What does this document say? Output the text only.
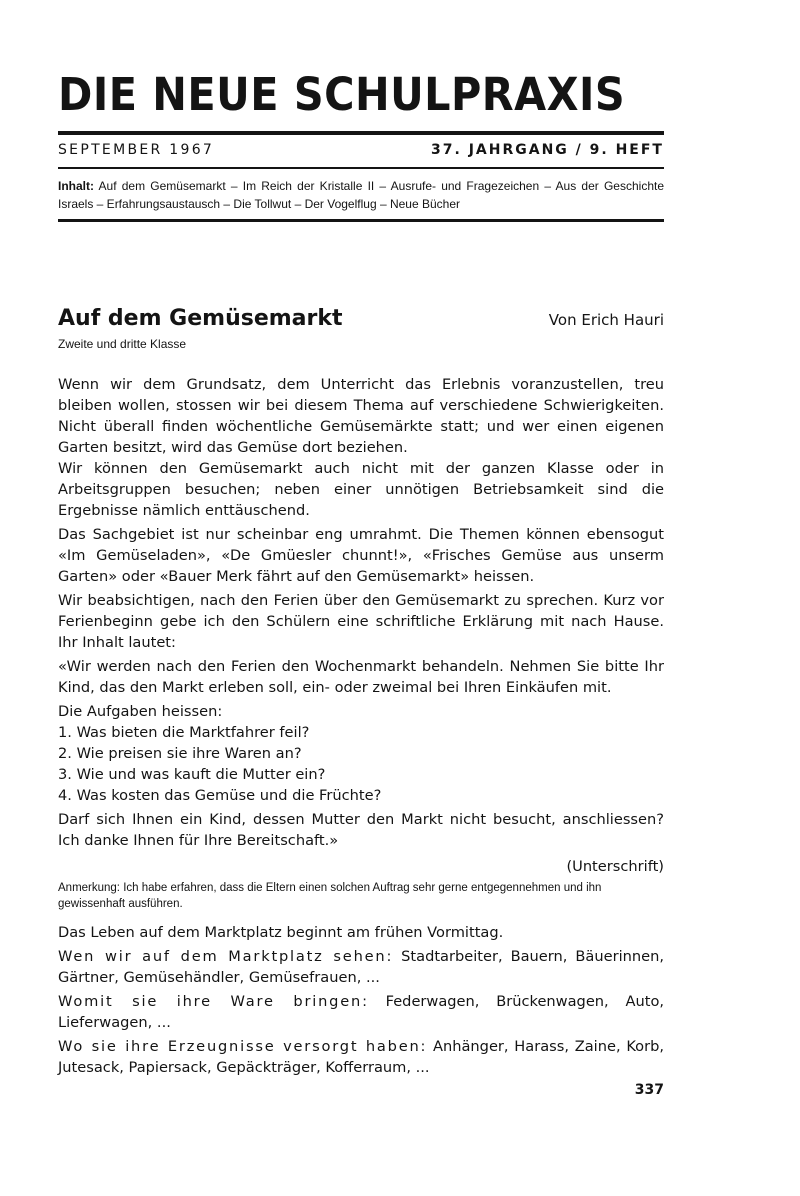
DIE NEUE SCHULPRAXIS
SEPTEMBER 1967	37. JAHRGANG / 9. HEFT
Inhalt: Auf dem Gemüsemarkt – Im Reich der Kristalle II – Ausrufe- und Fragezeichen – Aus der Geschichte Israels – Erfahrungsaustausch – Die Tollwut – Der Vogelflug – Neue Bücher
Auf dem Gemüsemarkt	Von Erich Hauri
Zweite und dritte Klasse

Wenn wir dem Grundsatz, dem Unterricht das Erlebnis voranzustellen, treu bleiben wollen, stossen wir bei diesem Thema auf verschiedene Schwierigkeiten. Nicht überall finden wöchentliche Gemüsemärkte statt; und wer einen eigenen Garten besitzt, wird das Gemüse dort beziehen.

Wir können den Gemüsemarkt auch nicht mit der ganzen Klasse oder in Arbeitsgruppen besuchen; neben einer unnötigen Betriebsamkeit sind die Ergebnisse nämlich enttäuschend.

Das Sachgebiet ist nur scheinbar eng umrahmt. Die Themen können ebensogut «Im Gemüseladen», «De Gmüesler chunnt!», «Frisches Gemüse aus unserm Garten» oder «Bauer Merk fährt auf den Gemüsemarkt» heissen.

Wir beabsichtigen, nach den Ferien über den Gemüsemarkt zu sprechen. Kurz vor Ferienbeginn gebe ich den Schülern eine schriftliche Erklärung mit nach Hause. Ihr Inhalt lautet:

«Wir werden nach den Ferien den Wochenmarkt behandeln. Nehmen Sie bitte Ihr Kind, das den Markt erleben soll, ein- oder zweimal bei Ihren Einkäufen mit.

Die Aufgaben heissen:

1. Was bieten die Marktfahrer feil?

2. Wie preisen sie ihre Waren an?

3. Wie und was kauft die Mutter ein?

4. Was kosten das Gemüse und die Früchte?

Darf sich Ihnen ein Kind, dessen Mutter den Markt nicht besucht, anschliessen? Ich danke Ihnen für Ihre Bereitschaft.»

(Unterschrift)

Anmerkung: Ich habe erfahren, dass die Eltern einen solchen Auftrag sehr gerne entgegennehmen und ihn gewissenhaft ausführen.

Das Leben auf dem Marktplatz beginnt am frühen Vormittag.

Wen wir auf dem Marktplatz sehen: Stadtarbeiter, Bauern, Bäuerinnen, Gärtner, Gemüsehändler, Gemüsefrauen, ...

Womit sie ihre Ware bringen: Federwagen, Brückenwagen, Auto, Lieferwagen, ...

Wo sie ihre Erzeugnisse versorgt haben: Anhänger, Harass, Zaine, Korb, Jutesack, Papiersack, Gepäckträger, Kofferraum, ...

337
